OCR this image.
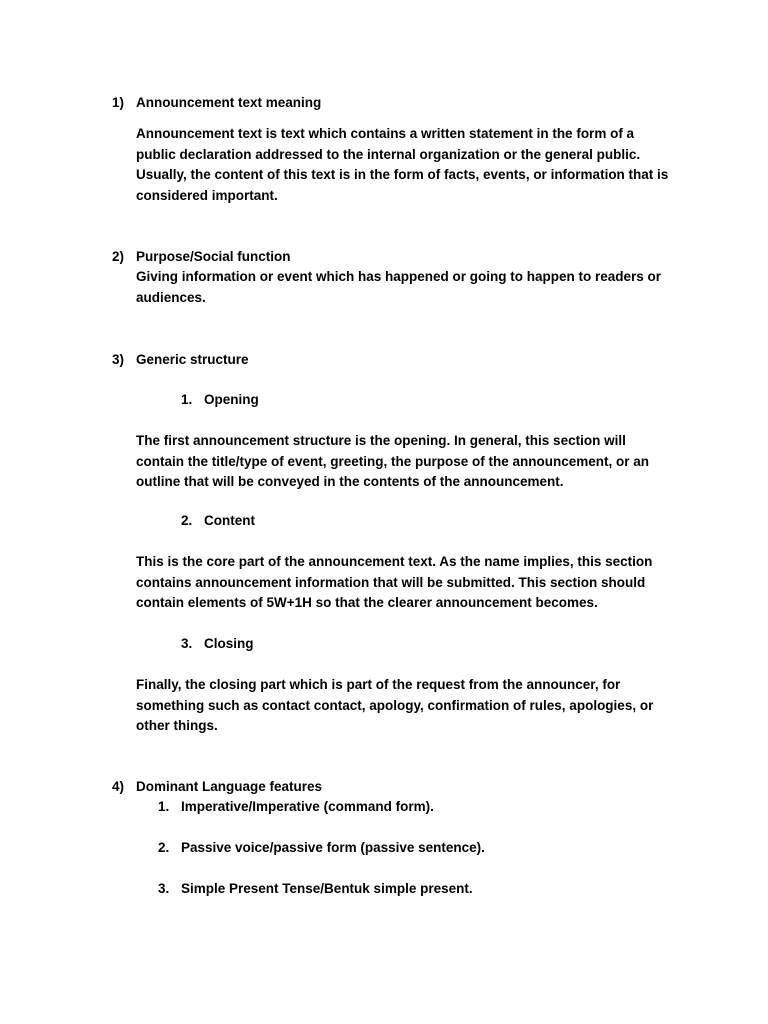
1) Announcement text meaning
Announcement text is text which contains a written statement in the form of a public declaration addressed to the internal organization or the general public. Usually, the content of this text is in the form of facts, events, or information that is considered important.
2) Purpose/Social function
Giving information or event which has happened or going to happen to readers or audiences.
3) Generic structure
1. Opening
The first announcement structure is the opening. In general, this section will contain the title/type of event, greeting, the purpose of the announcement, or an outline that will be conveyed in the contents of the announcement.
2. Content
This is the core part of the announcement text. As the name implies, this section contains announcement information that will be submitted. This section should contain elements of 5W+1H so that the clearer announcement becomes.
3. Closing
Finally, the closing part which is part of the request from the announcer, for something such as contact contact, apology, confirmation of rules, apologies, or other things.
4) Dominant Language features
1. Imperative/Imperative (command form).
2. Passive voice/passive form (passive sentence).
3. Simple Present Tense/Bentuk simple present.
